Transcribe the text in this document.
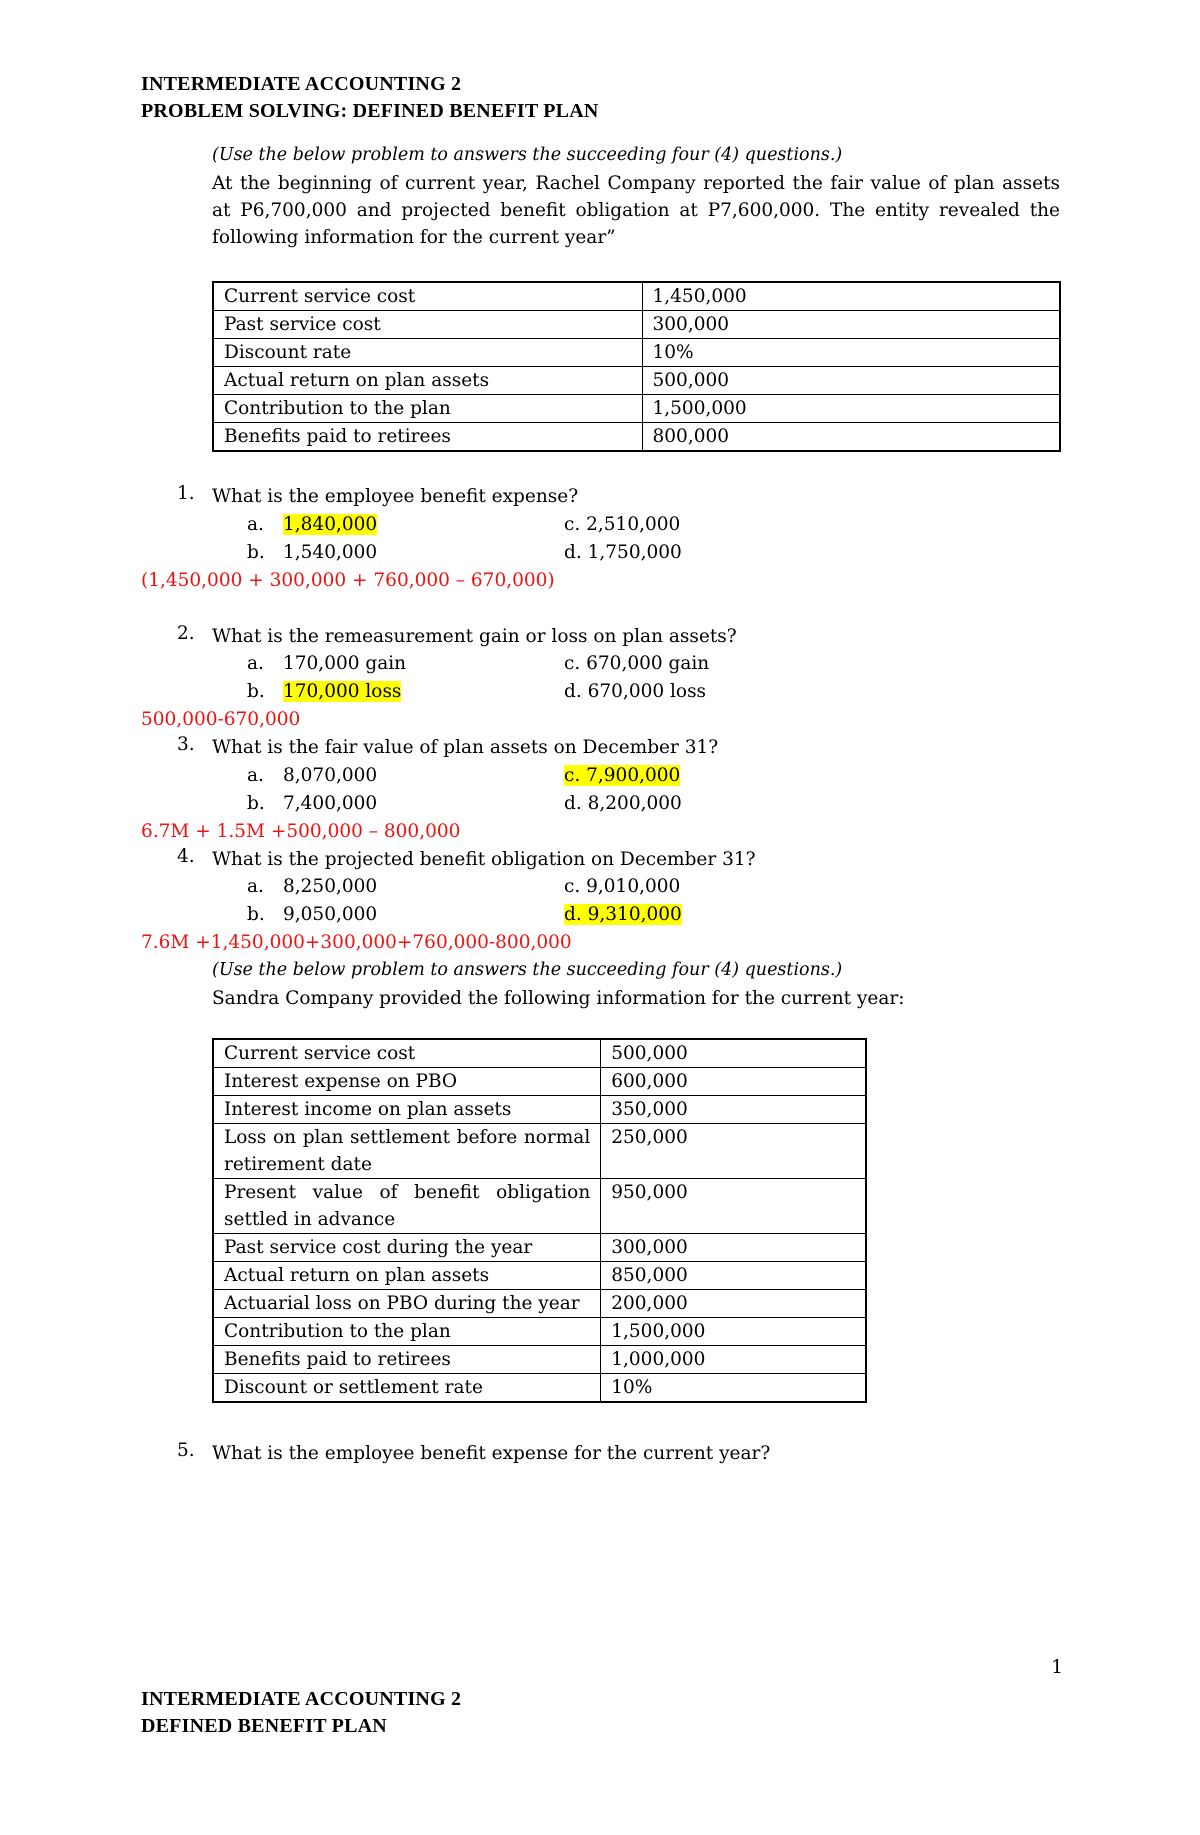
INTERMEDIATE ACCOUNTING 2
PROBLEM SOLVING: DEFINED BENEFIT PLAN
(Use the below problem to answers the succeeding four (4) questions.)
At the beginning of current year, Rachel Company reported the fair value of plan assets at P6,700,000 and projected benefit obligation at P7,600,000. The entity revealed the following information for the current year”
Current service cost	1,450,000
Past service cost	300,000
Discount rate	10%
Actual return on plan assets	500,000
Contribution to the plan	1,500,000
Benefits paid to retirees	800,000
1. What is the employee benefit expense?
a. 1,840,000	c. 2,510,000
b. 1,540,000	d. 1,750,000
(1,450,000 + 300,000 + 760,000 – 670,000)
2. What is the remeasurement gain or loss on plan assets?
a. 170,000 gain	c. 670,000 gain
b. 170,000 loss	d. 670,000 loss
500,000-670,000
3. What is the fair value of plan assets on December 31?
a. 8,070,000	c. 7,900,000
b. 7,400,000	d. 8,200,000
6.7M + 1.5M +500,000 – 800,000
4. What is the projected benefit obligation on December 31?
a. 8,250,000	c. 9,010,000
b. 9,050,000	d. 9,310,000
7.6M +1,450,000+300,000+760,000-800,000
(Use the below problem to answers the succeeding four (4) questions.)
Sandra Company provided the following information for the current year:
Current service cost	500,000
Interest expense on PBO	600,000
Interest income on plan assets	350,000
Loss on plan settlement before normal retirement date	250,000
Present value of benefit obligation settled in advance	950,000
Past service cost during the year	300,000
Actual return on plan assets	850,000
Actuarial loss on PBO during the year	200,000
Contribution to the plan	1,500,000
Benefits paid to retirees	1,000,000
Discount or settlement rate	10%
5. What is the employee benefit expense for the current year?
1
INTERMEDIATE ACCOUNTING 2
DEFINED BENEFIT PLAN
